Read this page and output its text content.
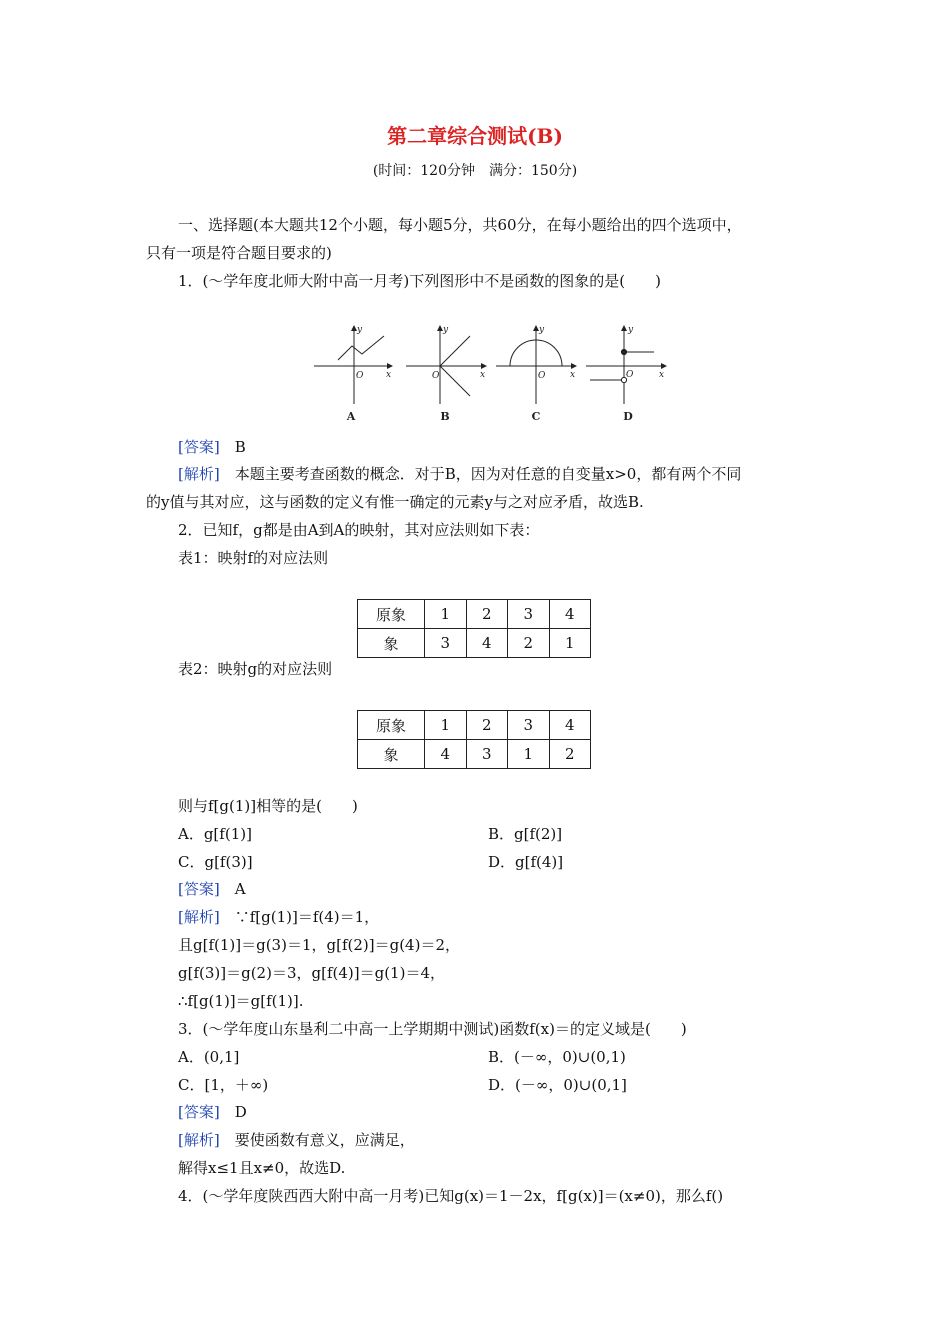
第二章综合测试(B)
(时间：120分钟　满分：150分)
一、选择题(本大题共12个小题，每小题5分，共60分，在每小题给出的四个选项中，
只有一项是符合题目要求的)
1．(～学年度北师大附中高一月考)下列图形中不是函数的图象的是(　　)
y
O	x
y
O	x
y
O	x
y
O	x
A	B	C	D
[答案]　 B
[解析]　 本题主要考查函数的概念．对于B，因为对任意的自变量x>0，都有两个不同
的y值与其对应，这与函数的定义有惟一确定的元素y与之对应矛盾，故选B.
2．已知f，g都是由A到A的映射，其对应法则如下表：
表1：映射f的对应法则
原象	1	2	3	4
象	3	4	2	1
表2：映射g的对应法则
原象	1	2	3	4
象	4	3	1	2
则与f[g(1)]相等的是(　　)
A．g[f(1)]	B．g[f(2)]
C．g[f(3)]	D．g[f(4)]
[答案]　 A
[解析]　 ∵f[g(1)]＝f(4)＝1，
且g[f(1)]＝g(3)＝1，g[f(2)]＝g(4)＝2，
g[f(3)]＝g(2)＝3，g[f(4)]＝g(1)＝4，
∴f[g(1)]＝g[f(1)].
3．(～学年度山东垦利二中高一上学期期中测试)函数f(x)＝的定义域是(　　)
A．(0,1]	B．(－∞，0)∪(0,1)
C．[1，＋∞)	D．(－∞，0)∪(0,1]
[答案]　 D
[解析]　 要使函数有意义，应满足，
解得x≤1且x≠0，故选D.
4．(～学年度陕西西大附中高一月考)已知g(x)＝1－2x，f[g(x)]＝(x≠0)，那么f()
